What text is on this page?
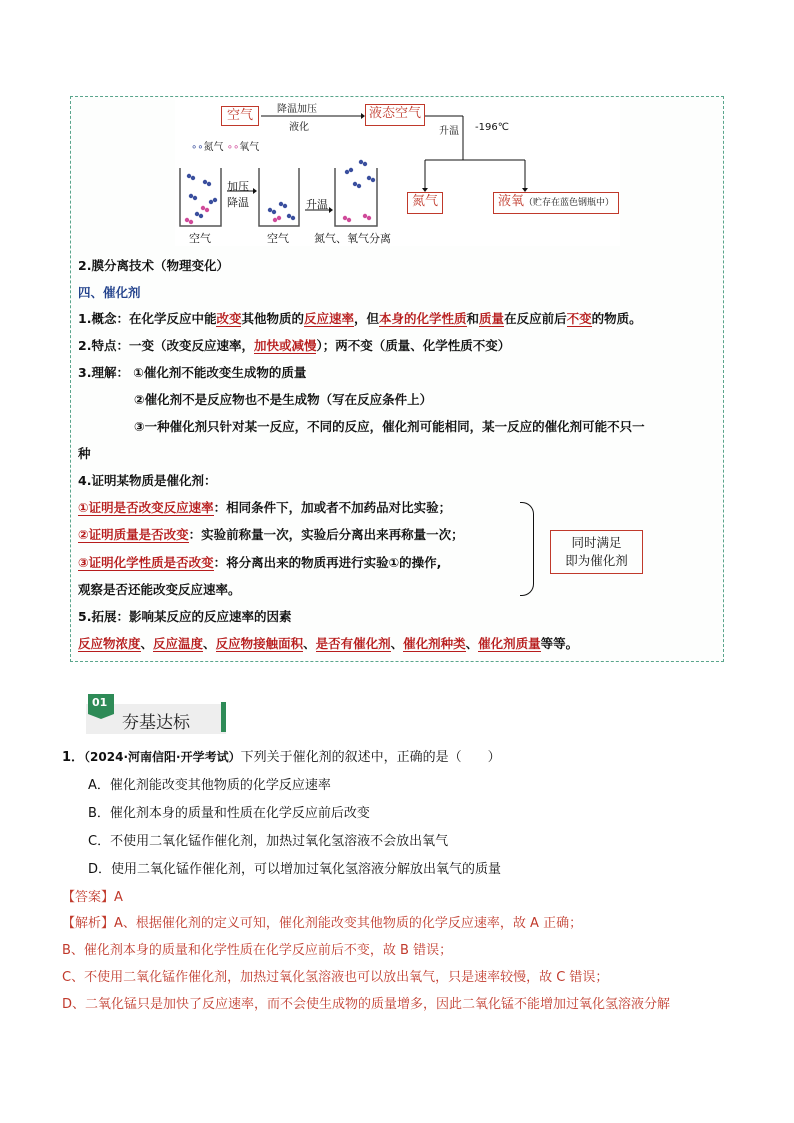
空气	降温加压
液化
液态空气
升温 -196℃
∘∘氮气 ∘∘氧气
加压
降温	升温
空气	空气 氮气、氧气分离
氮气	液氧（贮存在蓝色钢瓶中）
2.膜分离技术（物理变化）
四、催化剂
1.概念：在化学反应中能改变其他物质的反应速率，但本身的化学性质和质量在反应前后不变的物质。
2.特点：一变（改变反应速率，加快或减慢）；两不变（质量、化学性质不变）
3.理解： ①催化剂不能改变生成物的质量
②催化剂不是反应物也不是生成物（写在反应条件上）
③一种催化剂只针对某一反应，不同的反应，催化剂可能相同，某一反应的催化剂可能不只一
种
4.证明某物质是催化剂：
①证明是否改变反应速率：相同条件下，加或者不加药品对比实验；
②证明质量是否改变：实验前称量一次，实验后分离出来再称量一次；
③证明化学性质是否改变：将分离出来的物质再进行实验①的操作,
观察是否还能改变反应速率。
同时满足
即为催化剂
5.拓展：影响某反应的反应速率的因素
反应物浓度、反应温度、反应物接触面积、是否有催化剂、催化剂种类、催化剂质量等等。
01
夯基达标
1．（2024·河南信阳·开学考试）下列关于催化剂的叙述中，正确的是（　　）
A．催化剂能改变其他物质的化学反应速率
B．催化剂本身的质量和性质在化学反应前后改变
C．不使用二氧化锰作催化剂，加热过氧化氢溶液不会放出氧气
D．使用二氧化锰作催化剂，可以增加过氧化氢溶液分解放出氧气的质量
【答案】A
【解析】A、根据催化剂的定义可知，催化剂能改变其他物质的化学反应速率，故 A 正确；
B、催化剂本身的质量和化学性质在化学反应前后不变，故 B 错误；
C、不使用二氧化锰作催化剂，加热过氧化氢溶液也可以放出氧气，只是速率较慢，故 C 错误；
D、二氧化锰只是加快了反应速率，而不会使生成物的质量增多，因此二氧化锰不能增加过氧化氢溶液分解
